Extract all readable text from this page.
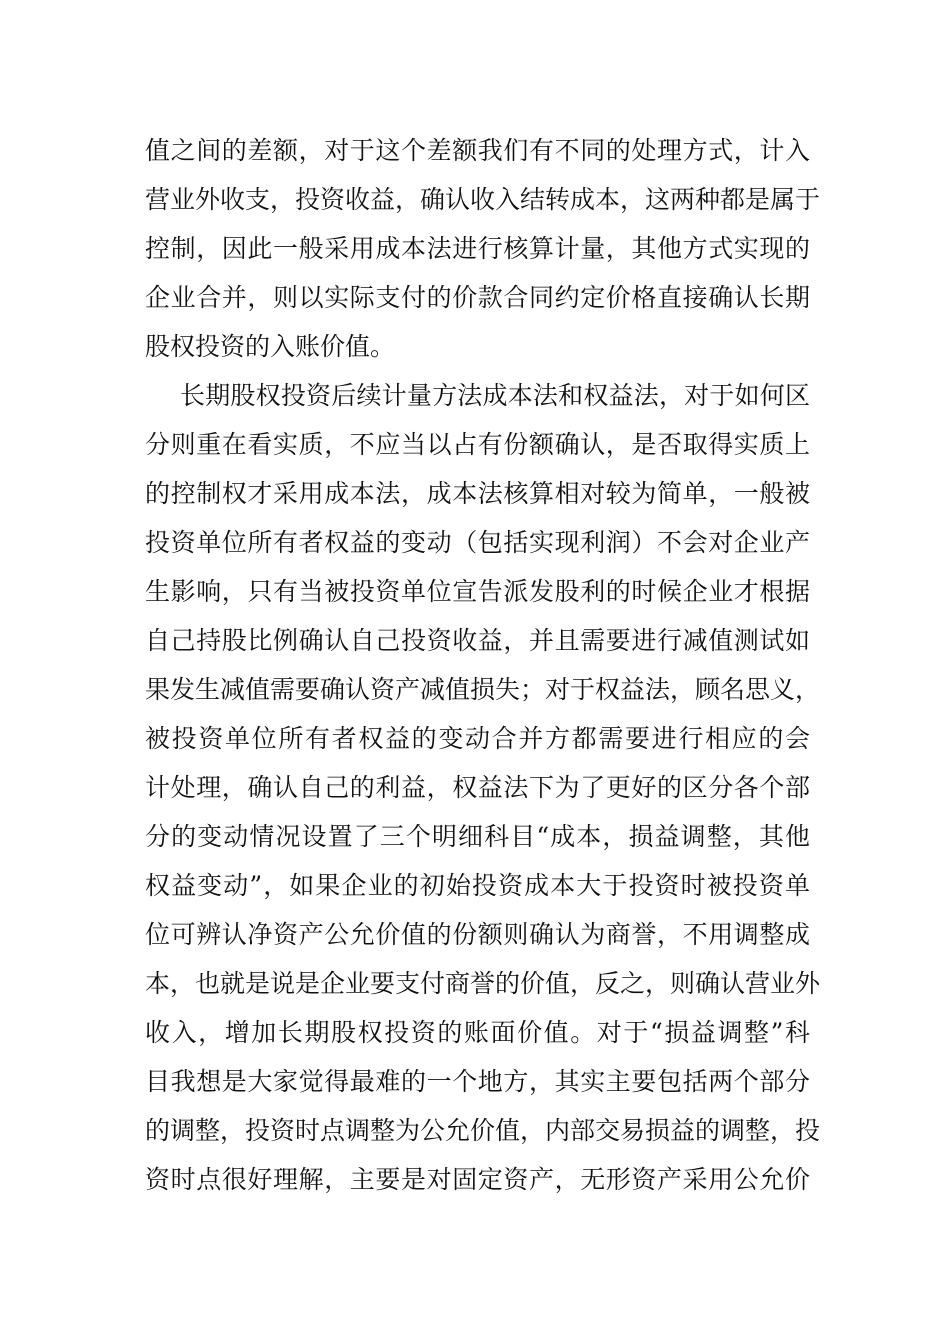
值之间的差额，对于这个差额我们有不同的处理方式，计入
营业外收支，投资收益，确认收入结转成本，这两种都是属于
控制，因此一般采用成本法进行核算计量，其他方式实现的
企业合并，则以实际支付的价款合同约定价格直接确认长期
股权投资的入账价值。
长期股权投资后续计量方法成本法和权益法，对于如何区
分则重在看实质，不应当以占有份额确认，是否取得实质上
的控制权才采用成本法，成本法核算相对较为简单，一般被
投资单位所有者权益的变动（包括实现利润）不会对企业产
生影响，只有当被投资单位宣告派发股利的时候企业才根据
自己持股比例确认自己投资收益，并且需要进行减值测试如
果发生减值需要确认资产减值损失；对于权益法，顾名思义，
被投资单位所有者权益的变动合并方都需要进行相应的会
计处理，确认自己的利益，权益法下为了更好的区分各个部
分的变动情况设置了三个明细科目“成本，损益调整，其他
权益变动”，如果企业的初始投资成本大于投资时被投资单
位可辨认净资产公允价值的份额则确认为商誉，不用调整成
本，也就是说是企业要支付商誉的价值，反之，则确认营业外
收入，增加长期股权投资的账面价值。对于“损益调整”科
目我想是大家觉得最难的一个地方，其实主要包括两个部分
的调整，投资时点调整为公允价值，内部交易损益的调整，投
资时点很好理解，主要是对固定资产，无形资产采用公允价
